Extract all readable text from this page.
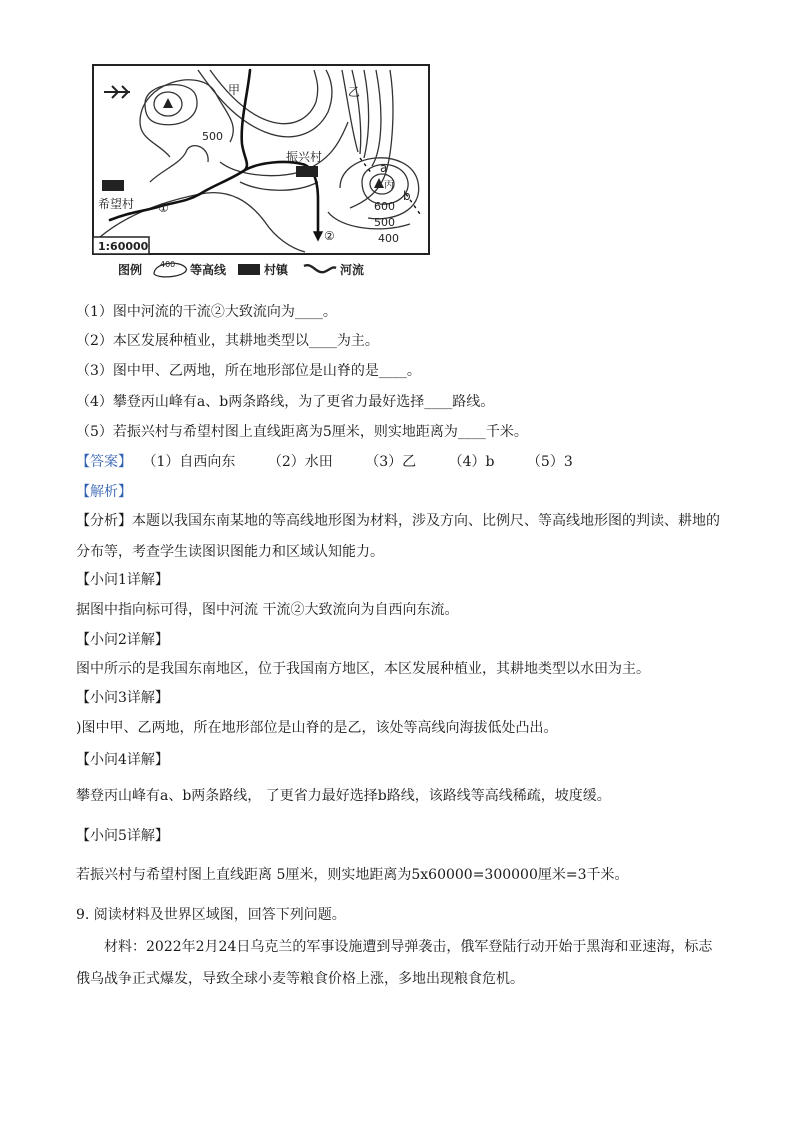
甲	乙
丙
a
b
①
②
500
600
500
400
振兴村
希望村
1:60000
图例 400 等高线	村镇	河流
（1）图中河流的干流②大致流向为____。
（2）本区发展种植业，其耕地类型以____为主。
（3）图中甲、乙两地，所在地形部位是山脊的是____。
（4）攀登丙山峰有a、b两条路线，为了更省力最好选择____路线。
（5）若振兴村与希望村图上直线距离为5厘米，则实地距离为____千米。
【答案】 （1）自西向东 （2）水田 （3）乙 （4）b （5）3
【解析】
【分析】本题以我国东南某地的等高线地形图为材料，涉及方向、比例尺、等高线地形图的判读、耕地的分布等，考查学生读图识图能力和区域认知能力。
【小问1详解】
据图中指向标可得，图中河流 干流②大致流向为自西向东流。
【小问2详解】
图中所示的是我国东南地区，位于我国南方地区，本区发展种植业，其耕地类型以水田为主。
【小问3详解】
)图中甲、乙两地，所在地形部位是山脊的是乙，该处等高线向海拔低处凸出。
【小问4详解】
攀登丙山峰有a、b两条路线， 了更省力最好选择b路线，该路线等高线稀疏，坡度缓。
【小问5详解】
若振兴村与希望村图上直线距离 5厘米，则实地距离为5x60000=300000厘米=3千米。
9. 阅读材料及世界区域图，回答下列问题。
材料：2022年2月24日乌克兰的军事设施遭到导弹袭击，俄军登陆行动开始于黑海和亚速海，标志俄乌战争正式爆发，导致全球小麦等粮食价格上涨，多地出现粮食危机。
